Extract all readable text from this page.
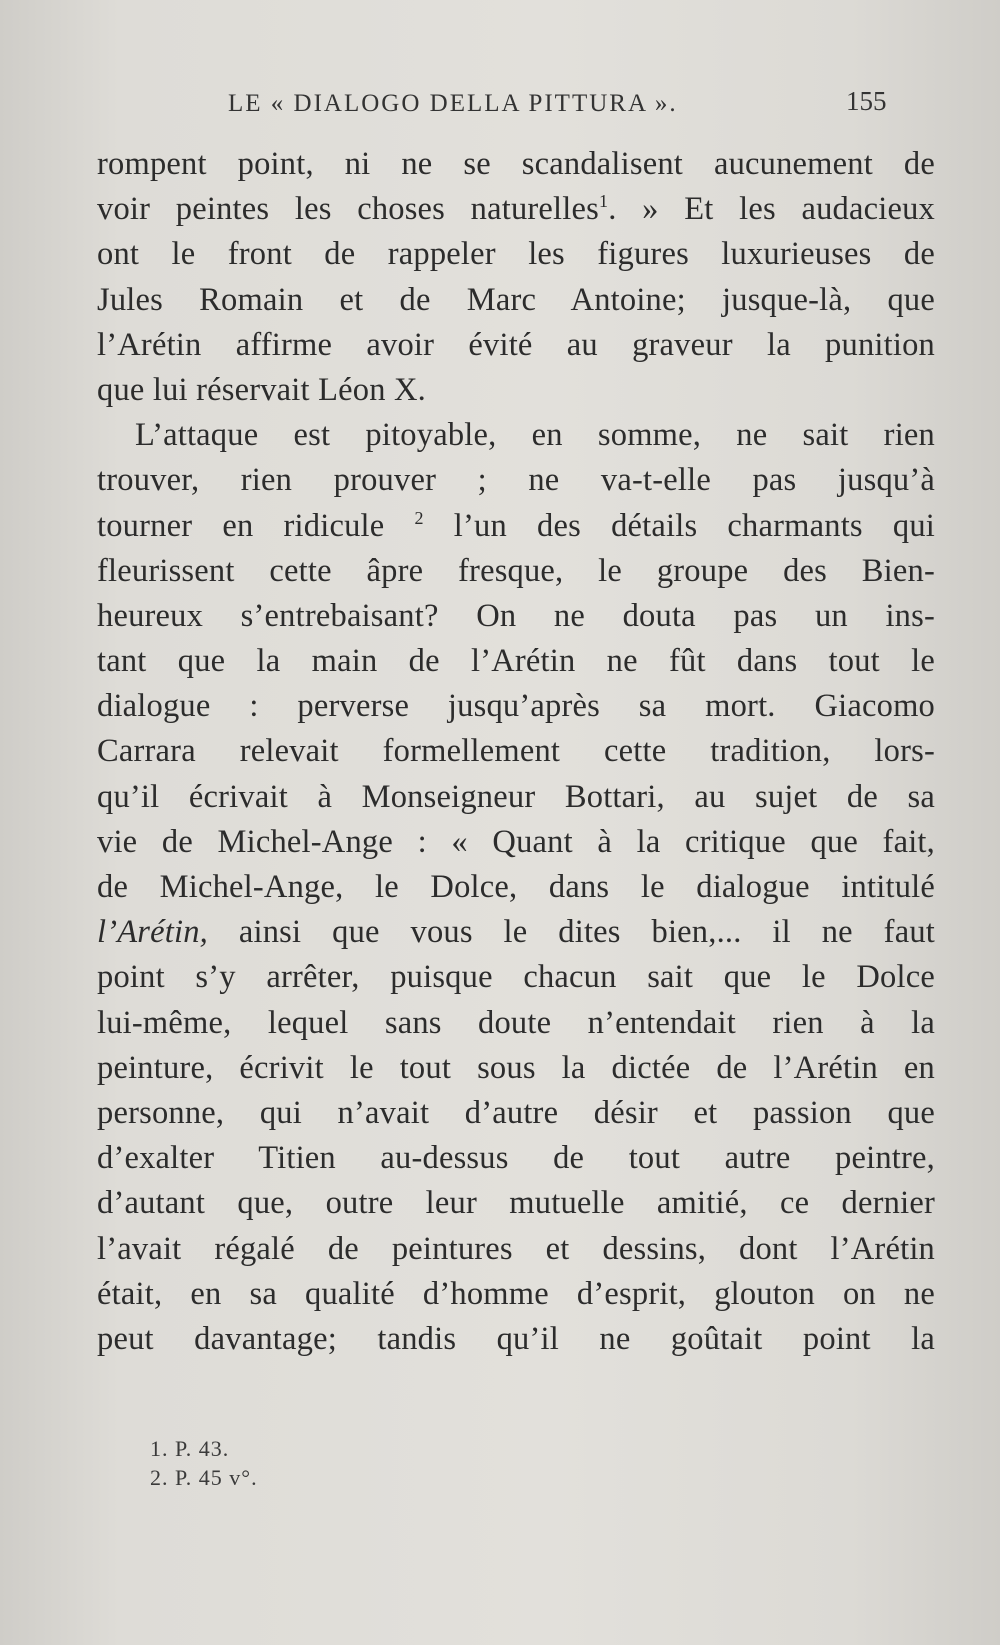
LE « DIALOGO DELLA PITTURA ».	155
rompent point, ni ne se scandalisent aucunement de
voir peintes les choses naturelles$^1$. » Et les audacieux
ont le front de rappeler les figures luxurieuses de
Jules Romain et de Marc Antoine; jusque-là, que
l’Arétin affirme avoir évité au graveur la punition
que lui réservait Léon X.
L’attaque est pitoyable, en somme, ne sait rien
trouver, rien prouver ; ne va-t-elle pas jusqu’à
tourner en ridicule $^2$ l’un des détails charmants qui
fleurissent cette âpre fresque, le groupe des Bien-
heureux s’entrebaisant? On ne douta pas un ins-
tant que la main de l’Arétin ne fût dans tout le
dialogue : perverse jusqu’après sa mort. Giacomo
Carrara relevait formellement cette tradition, lors-
qu’il écrivait à Monseigneur Bottari, au sujet de sa
vie de Michel-Ange : « Quant à la critique que fait,
de Michel-Ange, le Dolce, dans le dialogue intitulé
l’Arétin, ainsi que vous le dites bien,... il ne faut
point s’y arrêter, puisque chacun sait que le Dolce
lui-même, lequel sans doute n’entendait rien à la
peinture, écrivit le tout sous la dictée de l’Arétin en
personne, qui n’avait d’autre désir et passion que
d’exalter Titien au-dessus de tout autre peintre,
d’autant que, outre leur mutuelle amitié, ce dernier
l’avait régalé de peintures et dessins, dont l’Arétin
était, en sa qualité d’homme d’esprit, glouton on ne
peut davantage; tandis qu’il ne goûtait point la
1. P. 43.
2. P. 45 v°.
